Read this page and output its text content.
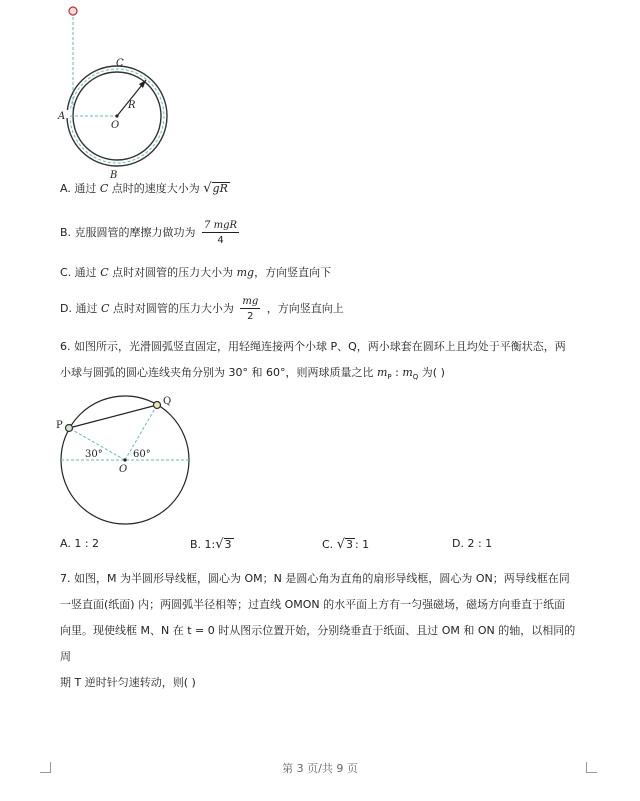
C
R
A
O
B
A. 通过 C 点时的速度大小为 √gR
B. 克服圆管的摩擦力做功为 $\frac{\text{7 mgR}}{4}$
C. 通过 C 点时对圆管的压力大小为 mg，方向竖直向下
D. 通过 C 点时对圆管的压力大小为 $\frac{mg}{2}$ ，方向竖直向上
6. 如图所示，光滑圆弧竖直固定，用轻绳连接两个小球 P、Q，两小球套在圆环上且均处于平衡状态，两
小球与圆弧的圆心连线夹角分别为 30° 和 60°，则两球质量之比 $m_P$ : $m_Q$ 为( )
P
Q
30°	60°
O
A. 1 : 2	B. 1:√3	C. √3 : 1	D. 2 : 1
7. 如图，M 为半圆形导线框，圆心为 OM；N 是圆心角为直角的扇形导线框，圆心为 ON；两导线框在同
一竖直面(纸面) 内；两圆弧半径相等；过直线 OMON 的水平面上方有一匀强磁场，磁场方向垂直于纸面
向里。现使线框 M、N 在 t = 0 时从图示位置开始，分别绕垂直于纸面、且过 OM 和 ON 的轴，以相同的周
期 T 逆时针匀速转动，则( )
第 3 页/共 9 页
